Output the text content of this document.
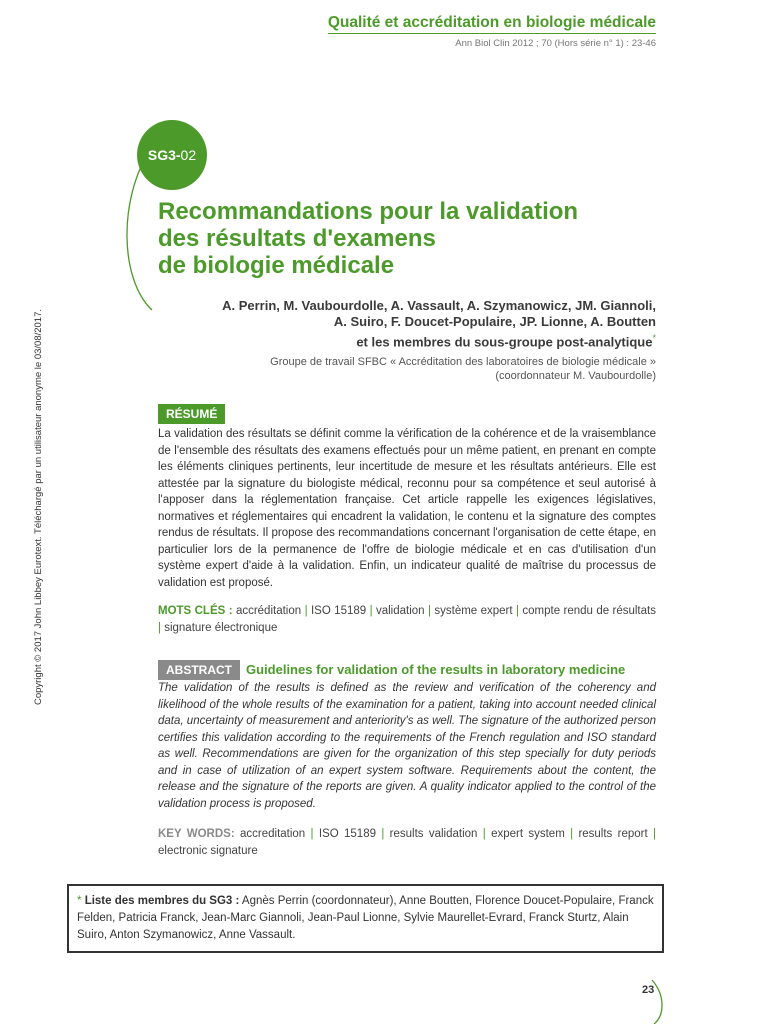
Qualité et accréditation en biologie médicale
Ann Biol Clin 2012 ; 70 (Hors série n° 1) : 23-46
Copyright © 2017 John Libbey Eurotext. Téléchargé par un utilisateur anonyme le 03/08/2017.
SG3- 02
Recommandations pour la validation
des résultats d'examens
de biologie médicale
A. Perrin, M. Vaubourdolle, A. Vassault, A. Szymanowicz, JM. Giannoli,
A. Suiro, F. Doucet-Populaire, JP. Lionne, A. Boutten
et les membres du sous-groupe post-analytique*
Groupe de travail SFBC « Accréditation des laboratoires de biologie médicale »
(coordonnateur M. Vaubourdolle)
RÉSUMÉ
La validation des résultats se définit comme la vérification de la cohérence et de la vraisemblance de l'ensemble des résultats des examens effectués pour un même patient, en prenant en compte les éléments cliniques pertinents, leur incertitude de mesure et les résultats antérieurs. Elle est attestée par la signature du biologiste médical, reconnu pour sa compétence et seul autorisé à l'apposer dans la réglementation française. Cet article rappelle les exigences législatives, normatives et réglementaires qui encadrent la validation, le contenu et la signature des comptes rendus de résultats. Il propose des recommandations concernant l'organisation de cette étape, en particulier lors de la permanence de l'offre de biologie médicale et en cas d'utilisation d'un système expert d'aide à la validation. Enfin, un indicateur qualité de maîtrise du processus de validation est proposé.
MOTS CLÉS : accréditation | ISO 15189 | validation | système expert | compte rendu de résultats | signature électronique
ABSTRACT Guidelines for validation of the results in laboratory medicine
The validation of the results is defined as the review and verification of the coherency and likelihood of the whole results of the examination for a patient, taking into account needed clinical data, uncertainty of measurement and anteriority's as well. The signature of the authorized person certifies this validation according to the requirements of the French regulation and ISO standard as well. Recommendations are given for the organization of this step specially for duty periods and in case of utilization of an expert system software. Requirements about the content, the release and the signature of the reports are given. A quality indicator applied to the control of the validation process is proposed.
KEY WORDS: accreditation | ISO 15189 | results validation | expert system | results report | electronic signature
* Liste des membres du SG3 : Agnès Perrin (coordonnateur), Anne Boutten, Florence Doucet-Populaire, Franck Felden, Patricia Franck, Jean-Marc Giannoli, Jean-Paul Lionne, Sylvie Maurellet-Evrard, Franck Sturtz, Alain Suiro, Anton Szymanowicz, Anne Vassault.
23
